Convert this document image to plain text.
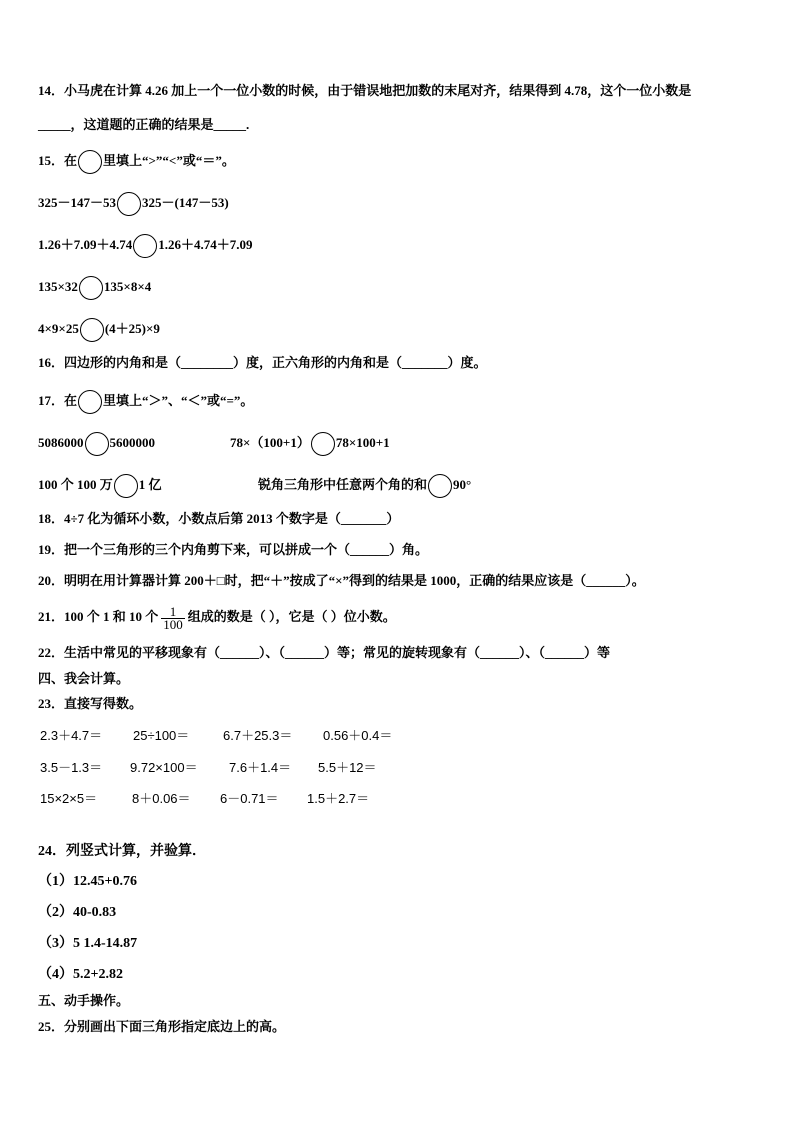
14．小马虎在计算 4.26 加上一个一位小数的时候，由于错误地把加数的末尾对齐，结果得到 4.78，这个一位小数是
_____，这道题的正确的结果是_____.
15．在 里填上“>”“<”或“＝”。
325－147－53 325－(147－53)
1.26＋7.09＋4.74 1.26＋4.74＋7.09
135×32 135×8×4
4×9×25 (4＋25)×9
16．四边形的内角和是（________）度，正六角形的内角和是（_______）度。
17．在 里填上“＞”、“＜”或“=”。
5086000 5600000	78×（100+1） 78×100+1
100 个 100 万 1 亿	锐角三角形中任意两个角的和 90°
18．4÷7 化为循环小数，小数点后第 2013 个数字是（_______）
19．把一个三角形的三个内角剪下来，可以拼成一个（______）角。
20．明明在用计算器计算 200＋□时，把“＋”按成了“×”得到的结果是 1000，正确的结果应该是（______）。
21．100 个 1 和 10 个 $\frac{1}{100}$ 组成的数是（ ），它是（ ）位小数。
22．生活中常见的平移现象有（______）、（______）等；常见的旋转现象有（______）、（______）等
四、我会计算。
23．直接写得数。
2.3＋4.7＝ 25÷100＝	6.7＋25.3＝ 0.56＋0.4＝
3.5－1.3＝ 9.72×100＝ 7.6＋1.4＝ 5.5＋12＝
15×2×5＝	8＋0.06＝ 6－0.71＝ 1.5＋2.7＝
24．列竖式计算，并验算．
（1）12.45+0.76
（2）40-0.83
（3）5 1.4-14.87
（4）5.2+2.82
五、动手操作。
25．分别画出下面三角形指定底边上的高。
